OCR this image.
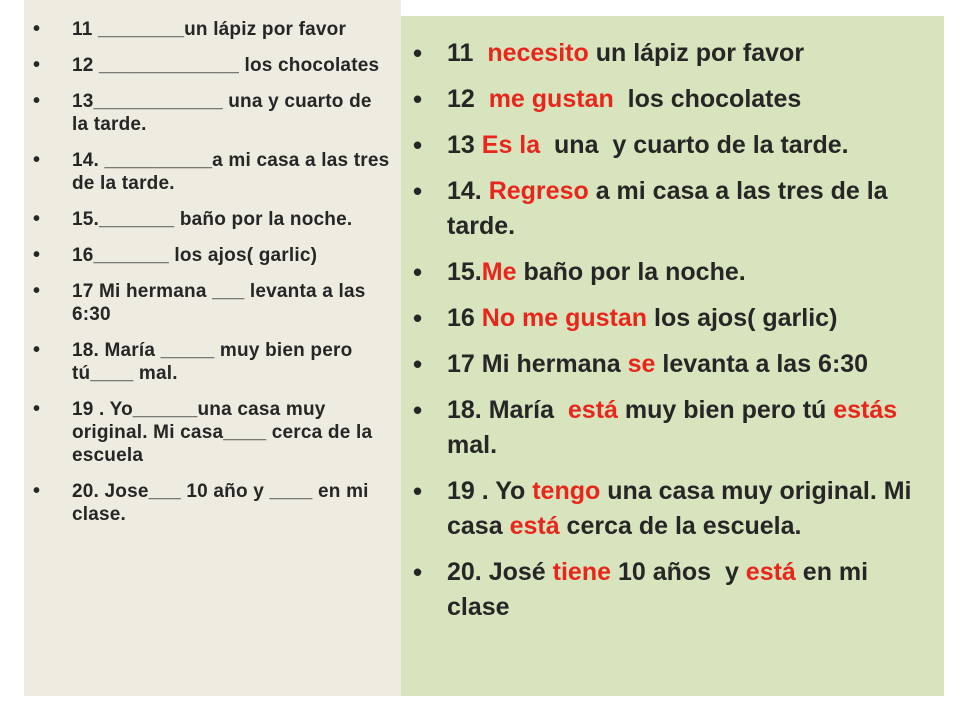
• 11 ________un lápiz por favor
• 12 _____________ los chocolates
• 13____________ una y cuarto de la tarde.
• 14. __________a mi casa a las tres de la tarde.
• 15._______ baño por la noche.
• 16_______ los ajos( garlic)
• 17 Mi hermana ___ levanta a las 6:30
• 18. María _____ muy bien pero tú____ mal.
• 19 . Yo______una casa muy original. Mi casa____ cerca de la escuela
• 20. Jose___ 10 año y ____ en mi clase.
• 11  necesito un lápiz por favor
• 12  me gustan  los chocolates
• 13 Es la  una  y cuarto de la tarde.
• 14. Regreso a mi casa a las tres de la tarde.
• 15.Me baño por la noche.
• 16 No me gustan los ajos( garlic)
• 17 Mi hermana se levanta a las 6:30
• 18. María  está muy bien pero tú estás mal.
• 19 . Yo tengo una casa muy original. Mi casa está cerca de la escuela.
• 20. José tiene 10 años  y está en mi clase
